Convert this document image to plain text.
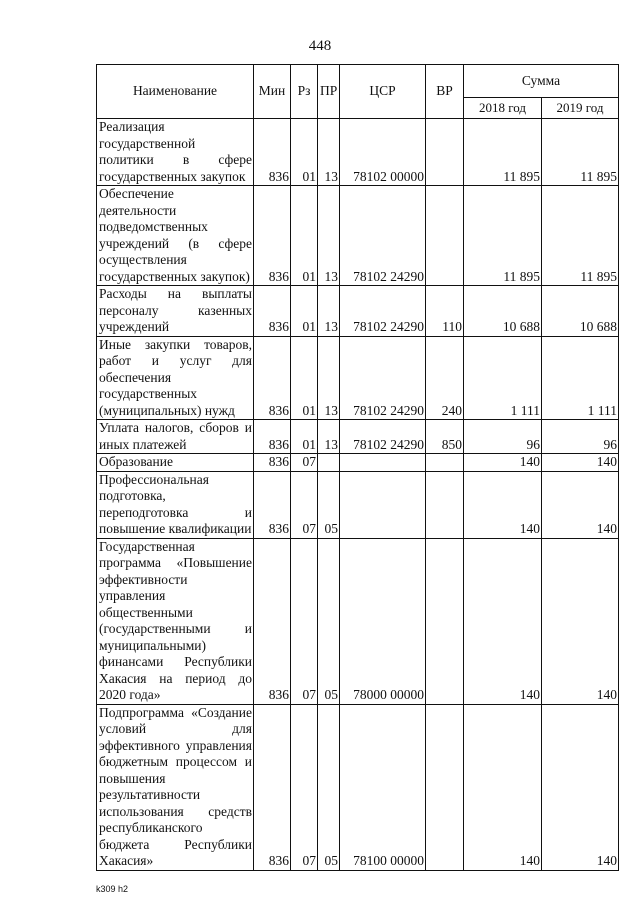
448
Наименование	Мин	Рз	ПР	ЦСР	ВР	Сумма	
						2018 год	2019 год
Реализация государственной политики в сфере государственных закупок	836	01	13	78102 00000		11 895	11 895
Обеспечение деятельности подведомственных учреждений (в сфере осуществления государственных закупок)	836	01	13	78102 24290		11 895	11 895
Расходы на выплаты персоналу казенных учреждений	836	01	13	78102 24290	110	10 688	10 688
Иные закупки товаров, работ и услуг для обеспечения государственных (муниципальных) нужд	836	01	13	78102 24290	240	1 111	1 111
Уплата налогов, сборов и иных платежей	836	01	13	78102 24290	850	96	96
Образование	836	07				140	140
Профессиональная подготовка, переподготовка и повышение квалификации	836	07	05			140	140
Государственная программа «Повышение эффективности управления общественными (государственными и муниципальными) финансами Республики Хакасия на период до 2020 года»	836	07	05	78000 00000		140	140
Подпрограмма «Создание условий для эффективного управления бюджетным процессом и повышения результативности использования средств республиканского бюджета Республики Хакасия»	836	07	05	78100 00000		140	140
k309 h2
